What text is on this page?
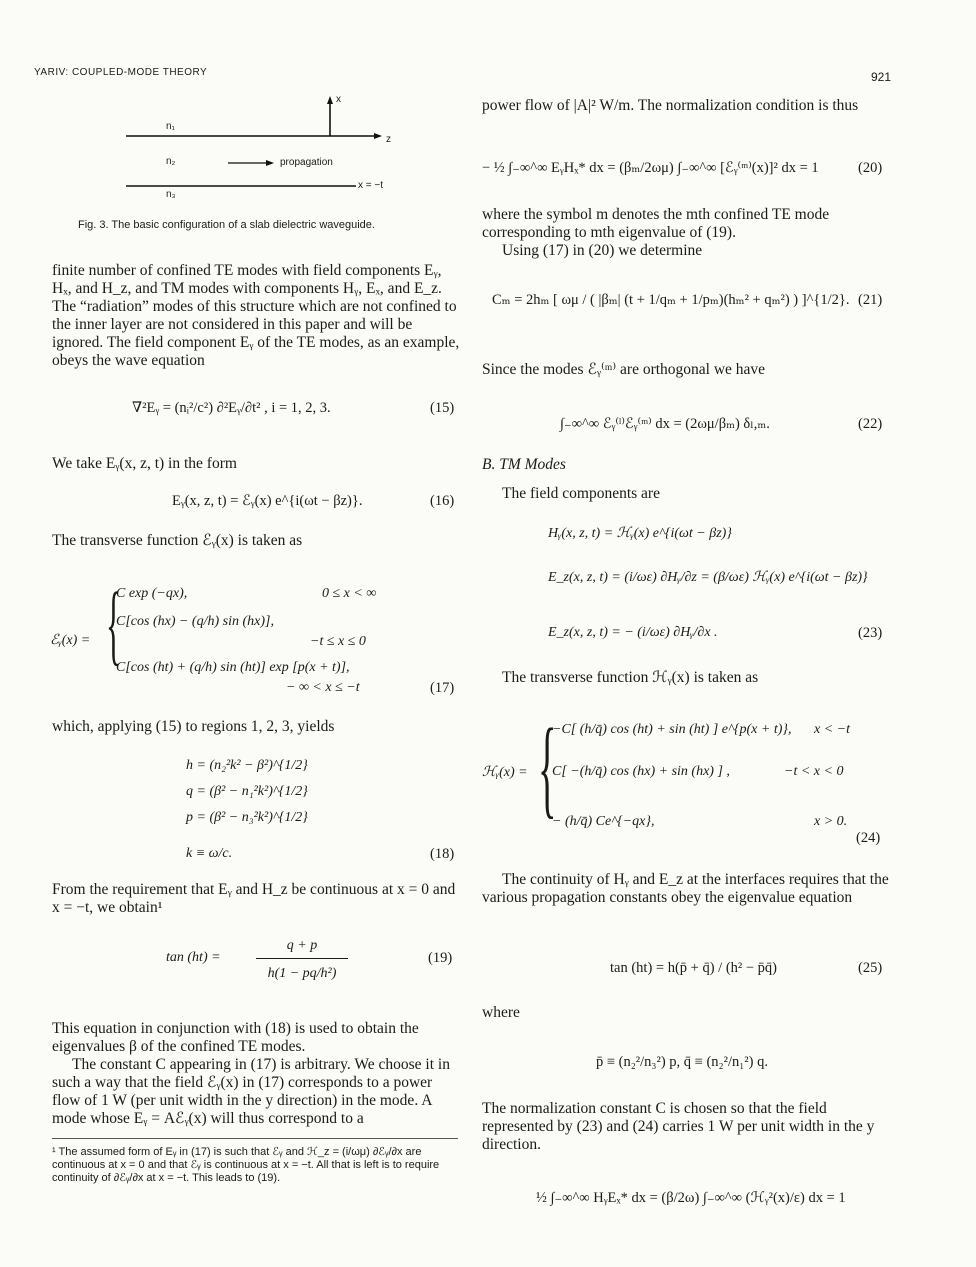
YARIV: COUPLED-MODE THEORY	921
x
z
n₁
n₂	propagation
x = −t
n₃
Fig. 3. The basic configuration of a slab dielectric waveguide.
finite number of confined TE modes with field components Eᵧ, Hₓ, and H_z, and TM modes with components Hᵧ, Eₓ, and E_z. The “radiation” modes of this structure which are not confined to the inner layer are not considered in this paper and will be ignored. The field component Eᵧ of the TE modes, as an example, obeys the wave equation
∇²Eᵧ = (nᵢ²/c²) ∂²Eᵧ/∂t² , i = 1, 2, 3.	(15)
We take Eᵧ(x, z, t) in the form
Eᵧ(x, z, t) = ℰᵧ(x) e^{i(ωt − βz)}.	(16)
The transverse function ℰᵧ(x) is taken as
ℰᵧ(x) = {
C exp (−qx),	0 ≤ x < ∞
C[cos (hx) − (q/h) sin (hx)],
−t ≤ x ≤ 0
C[cos (ht) + (q/h) sin (ht)] exp [p(x + t)],
− ∞ < x ≤ −t	(17)
which, applying (15) to regions 1, 2, 3, yields
h = (n₂²k² − β²)^{1/2}
q = (β² − n₁²k²)^{1/2}
p = (β² − n₃²k²)^{1/2}
k ≡ ω/c.	(18)
From the requirement that Eᵧ and H_z be continuous at x = 0 and x = −t, we obtain¹
tan (ht) =
q + p
h(1 − pq/h²)
(19)
This equation in conjunction with (18) is used to obtain the eigenvalues β of the confined TE modes.
The constant C appearing in (17) is arbitrary. We choose it in such a way that the field ℰᵧ(x) in (17) corresponds to a power flow of 1 W (per unit width in the y direction) in the mode. A mode whose Eᵧ = Aℰᵧ(x) will thus correspond to a
¹ The assumed form of Eᵧ in (17) is such that ℰᵧ and ℋ_z = (i/ωμ) ∂ℰᵧ/∂x are continuous at x = 0 and that ℰᵧ is continuous at x = −t. All that is left is to require continuity of ∂ℰᵧ/∂x at x = −t. This leads to (19).
power flow of |A|² W/m. The normalization condition is thus
− ½ ∫₋∞^∞ EᵧHₓ* dx = (βₘ/2ωμ) ∫₋∞^∞ [ℰᵧ⁽ᵐ⁾(x)]² dx = 1	(20)
where the symbol m denotes the mth confined TE mode corresponding to mth eigenvalue of (19).
Using (17) in (20) we determine
Cₘ = 2hₘ [ ωμ / ( |βₘ| (t + 1/qₘ + 1/pₘ)(hₘ² + qₘ²) ) ]^{1/2}. (21)
Since the modes ℰᵧ⁽ᵐ⁾ are orthogonal we have
∫₋∞^∞ ℰᵧ⁽ˡ⁾ℰᵧ⁽ᵐ⁾ dx = (2ωμ/βₘ) δₗ,ₘ.	(22)
B. TM Modes
The field components are
Hᵧ(x, z, t) = ℋᵧ(x) e^{i(ωt − βz)}
E_z(x, z, t) = (i/ωε) ∂Hᵧ/∂z = (β/ωε) ℋᵧ(x) e^{i(ωt − βz)}
E_z(x, z, t) = − (i/ωε) ∂Hᵧ/∂x .	(23)
The transverse function ℋᵧ(x) is taken as
ℋᵧ(x) = {
−C[ (h/q̄) cos (ht) + sin (ht) ] e^{p(x + t)}, x < −t
C[ −(h/q̄) cos (hx) + sin (hx) ] ,	−t < x < 0
− (h/q̄) Ce^{−qx},	x > 0.
(24)
The continuity of Hᵧ and E_z at the interfaces requires that the various propagation constants obey the eigenvalue equation
tan (ht) = h(p̄ + q̄) / (h² − p̄q̄)	(25)
where
p̄ ≡ (n₂²/n₃²) p, q̄ ≡ (n₂²/n₁²) q.
The normalization constant C is chosen so that the field represented by (23) and (24) carries 1 W per unit width in the y direction.
½ ∫₋∞^∞ HᵧEₓ* dx = (β/2ω) ∫₋∞^∞ (ℋᵧ²(x)/ε) dx = 1
